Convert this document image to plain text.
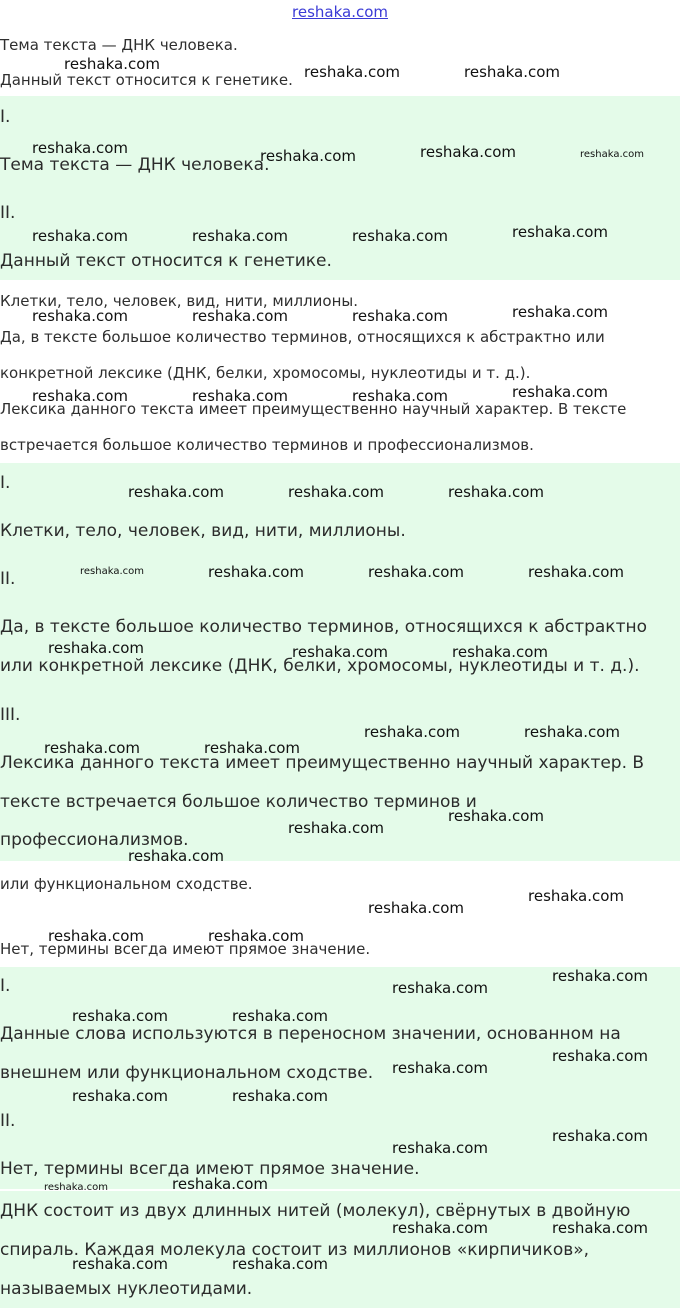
reshaka.com
Тема текста — ДНК человека.
Данный текст относится к генетике.
I.
Тема текста — ДНК человека.
II.
Данный текст относится к генетике.
Клетки, тело, человек, вид, нити, миллионы.
Да, в тексте большое количество терминов, относящихся к абстрактно или
конкретной лексике (ДНК, белки, хромосомы, нуклеотиды и т. д.).
Лексика данного текста имеет преимущественно научный характер. В тексте
встречается большое количество терминов и профессионализмов.
I.
Клетки, тело, человек, вид, нити, миллионы.
II.
Да, в тексте большое количество терминов, относящихся к абстрактно
или конкретной лексике (ДНК, белки, хромосомы, нуклеотиды и т. д.).
III.
Лексика данного текста имеет преимущественно научный характер. В
тексте встречается большое количество терминов и
профессионализмов.
или функциональном сходстве.
Нет, термины всегда имеют прямое значение.
I.
Данные слова используются в переносном значении, основанном на
внешнем или функциональном сходстве.
II.
Нет, термины всегда имеют прямое значение.
ДНК состоит из двух длинных нитей (молекул), свёрнутых в двойную
спираль. Каждая молекула состоит из миллионов «кирпичиков»,
называемых нуклеотидами.
reshaka.com	reshaka.com	reshaka.com
reshaka.com	reshaka.com	reshaka.com	reshaka.com
reshaka.com	reshaka.com	reshaka.com	reshaka.com
reshaka.com	reshaka.com	reshaka.com	reshaka.com
reshaka.com	reshaka.com	reshaka.com	reshaka.com
reshaka.com	reshaka.com	reshaka.com
reshaka.com	reshaka.com	reshaka.com	reshaka.com
reshaka.com	reshaka.com	reshaka.com
reshaka.com	reshaka.com
reshaka.com	reshaka.com
reshaka.com
reshaka.com
reshaka.com
reshaka.com
reshaka.com
reshaka.com	reshaka.com
reshaka.com
reshaka.com
reshaka.com	reshaka.com
reshaka.com
reshaka.com
reshaka.com	reshaka.com
reshaka.com
reshaka.com
reshaka.com	reshaka.com
reshaka.com	reshaka.com
reshaka.com	reshaka.com
